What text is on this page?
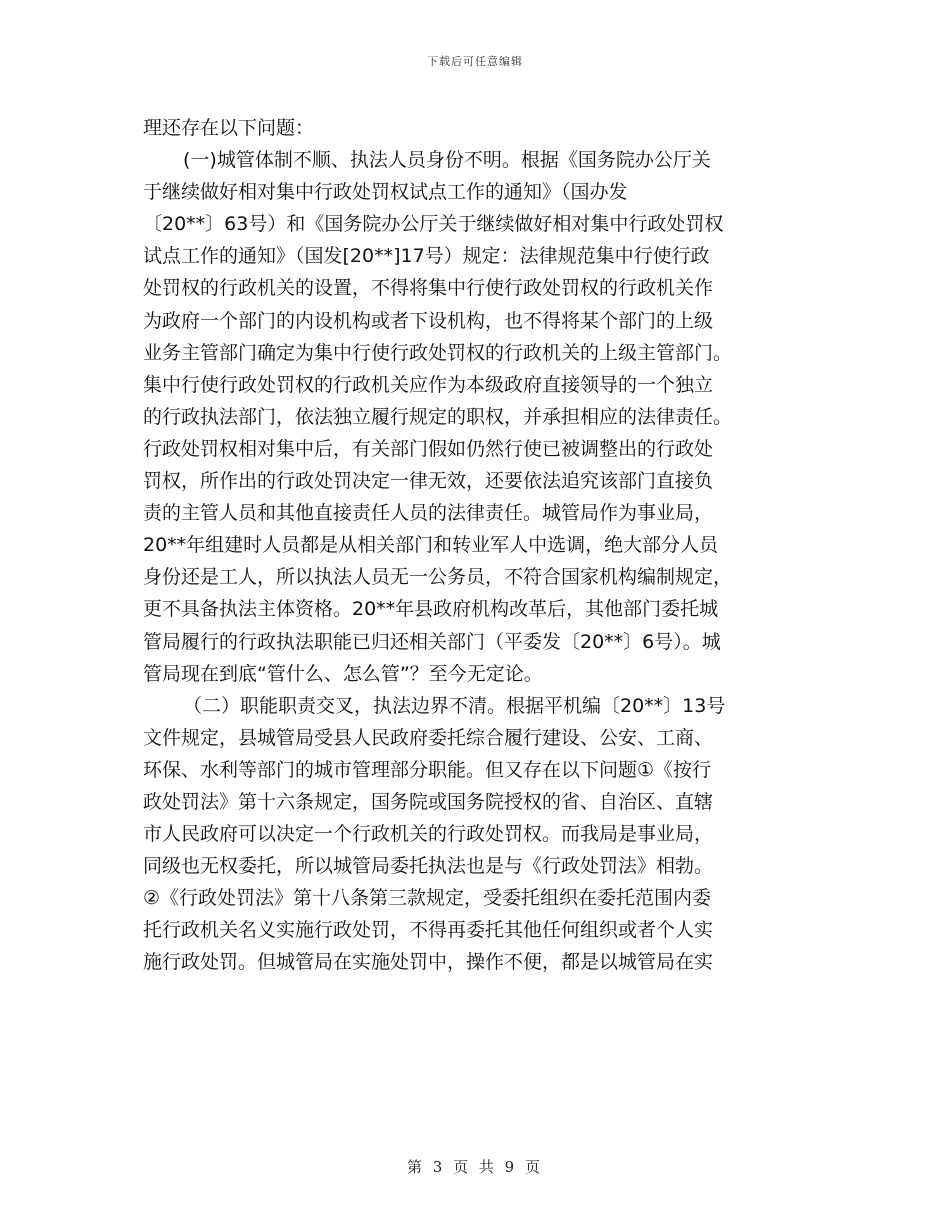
下载后可任意编辑
理还存在以下问题：
(一)城管体制不顺、执法人员身份不明。根据《国务院办公厅关
于继续做好相对集中行政处罚权试点工作的通知》（国办发
〔20**〕63号）和《国务院办公厅关于继续做好相对集中行政处罚权
试点工作的通知》（国发[20**]17号）规定：法律规范集中行使行政
处罚权的行政机关的设置，不得将集中行使行政处罚权的行政机关作
为政府一个部门的内设机构或者下设机构，也不得将某个部门的上级
业务主管部门确定为集中行使行政处罚权的行政机关的上级主管部门。
集中行使行政处罚权的行政机关应作为本级政府直接领导的一个独立
的行政执法部门，依法独立履行规定的职权，并承担相应的法律责任。
行政处罚权相对集中后，有关部门假如仍然行使已被调整出的行政处
罚权，所作出的行政处罚决定一律无效，还要依法追究该部门直接负
责的主管人员和其他直接责任人员的法律责任。城管局作为事业局，
20**年组建时人员都是从相关部门和转业军人中选调，绝大部分人员
身份还是工人，所以执法人员无一公务员，不符合国家机构编制规定，
更不具备执法主体资格。20**年县政府机构改革后，其他部门委托城
管局履行的行政执法职能已归还相关部门（平委发〔20**〕6号）。城
管局现在到底“管什么、怎么管”？至今无定论。
（二）职能职责交叉，执法边界不清。根据平机编〔20**〕13号
文件规定，县城管局受县人民政府委托综合履行建设、公安、工商、
环保、水利等部门的城市管理部分职能。但又存在以下问题①《按行
政处罚法》第十六条规定，国务院或国务院授权的省、自治区、直辖
市人民政府可以决定一个行政机关的行政处罚权。而我局是事业局，
同级也无权委托，所以城管局委托执法也是与《行政处罚法》相勃。
②《行政处罚法》第十八条第三款规定，受委托组织在委托范围内委
托行政机关名义实施行政处罚，不得再委托其他任何组织或者个人实
施行政处罚。但城管局在实施处罚中，操作不便，都是以城管局在实
第 3 页 共 9 页
